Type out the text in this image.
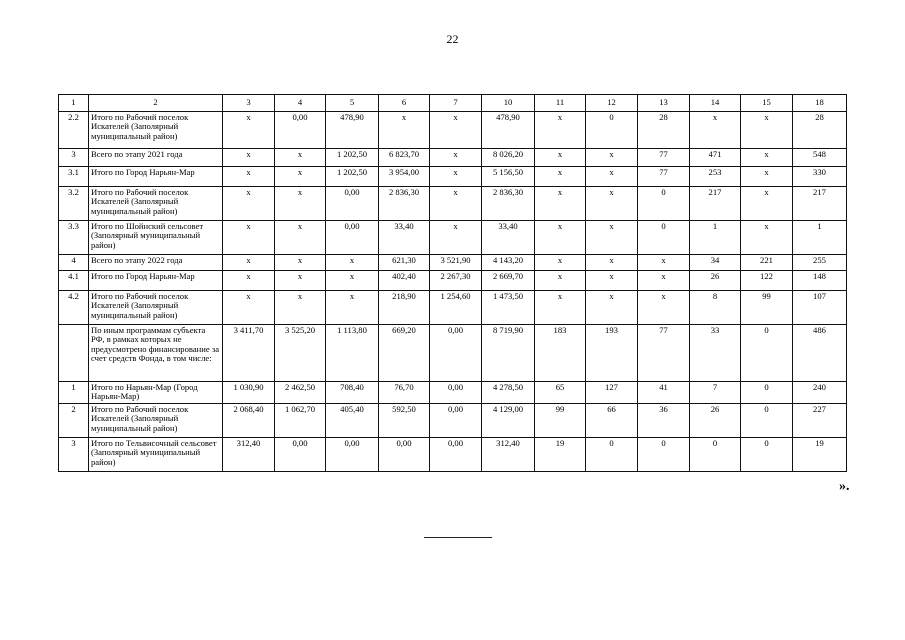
22
1	2	3	4	5	6	7	10	11	12	13	14	15	18
2.2	Итого по Рабочий поселок Искателей (Заполярный муниципальный район)	x	0,00	478,90	x	x	478,90	x	0	28	x	x	28
3	Всего по этапу 2021 года	x	x	1 202,50	6 823,70	x	8 026,20	x	x	77	471	x	548
3.1	Итого по Город Нарьян-Мар	x	x	1 202,50	3 954,00	x	5 156,50	x	x	77	253	x	330
3.2	Итого по Рабочий поселок Искателей (Заполярный муниципальный район)	x	x	0,00	2 836,30	x	2 836,30	x	x	0	217	x	217
3.3	Итого по Шойнский сельсовет (Заполярный муниципальный район)	x	x	0,00	33,40	x	33,40	x	x	0	1	x	1
4	Всего по этапу 2022 года	x	x	x	621,30	3 521,90	4 143,20	x	x	x	34	221	255
4.1	Итого по Город Нарьян-Мар	x	x	x	402,40	2 267,30	2 669,70	x	x	x	26	122	148
4.2	Итого по Рабочий поселок Искателей (Заполярный муниципальный район)	x	x	x	218,90	1 254,60	1 473,50	x	x	x	8	99	107
	По иным программам субъекта РФ, в рамках которых не предусмотрено финансирование за счет средств Фонда, в том числе:	3 411,70	3 525,20	1 113,80	669,20	0,00	8 719,90	183	193	77	33	0	486
1	Итого по Нарьян-Мар (Город Нарьян-Мар)	1 030,90	2 462,50	708,40	76,70	0,00	4 278,50	65	127	41	7	0	240
2	Итого по Рабочий поселок Искателей (Заполярный муниципальный район)	2 068,40	1 062,70	405,40	592,50	0,00	4 129,00	99	66	36	26	0	227
3	Итого по Тельвисочный сельсовет (Заполярный муниципальный район)	312,40	0,00	0,00	0,00	0,00	312,40	19	0	0	0	0	19
».
